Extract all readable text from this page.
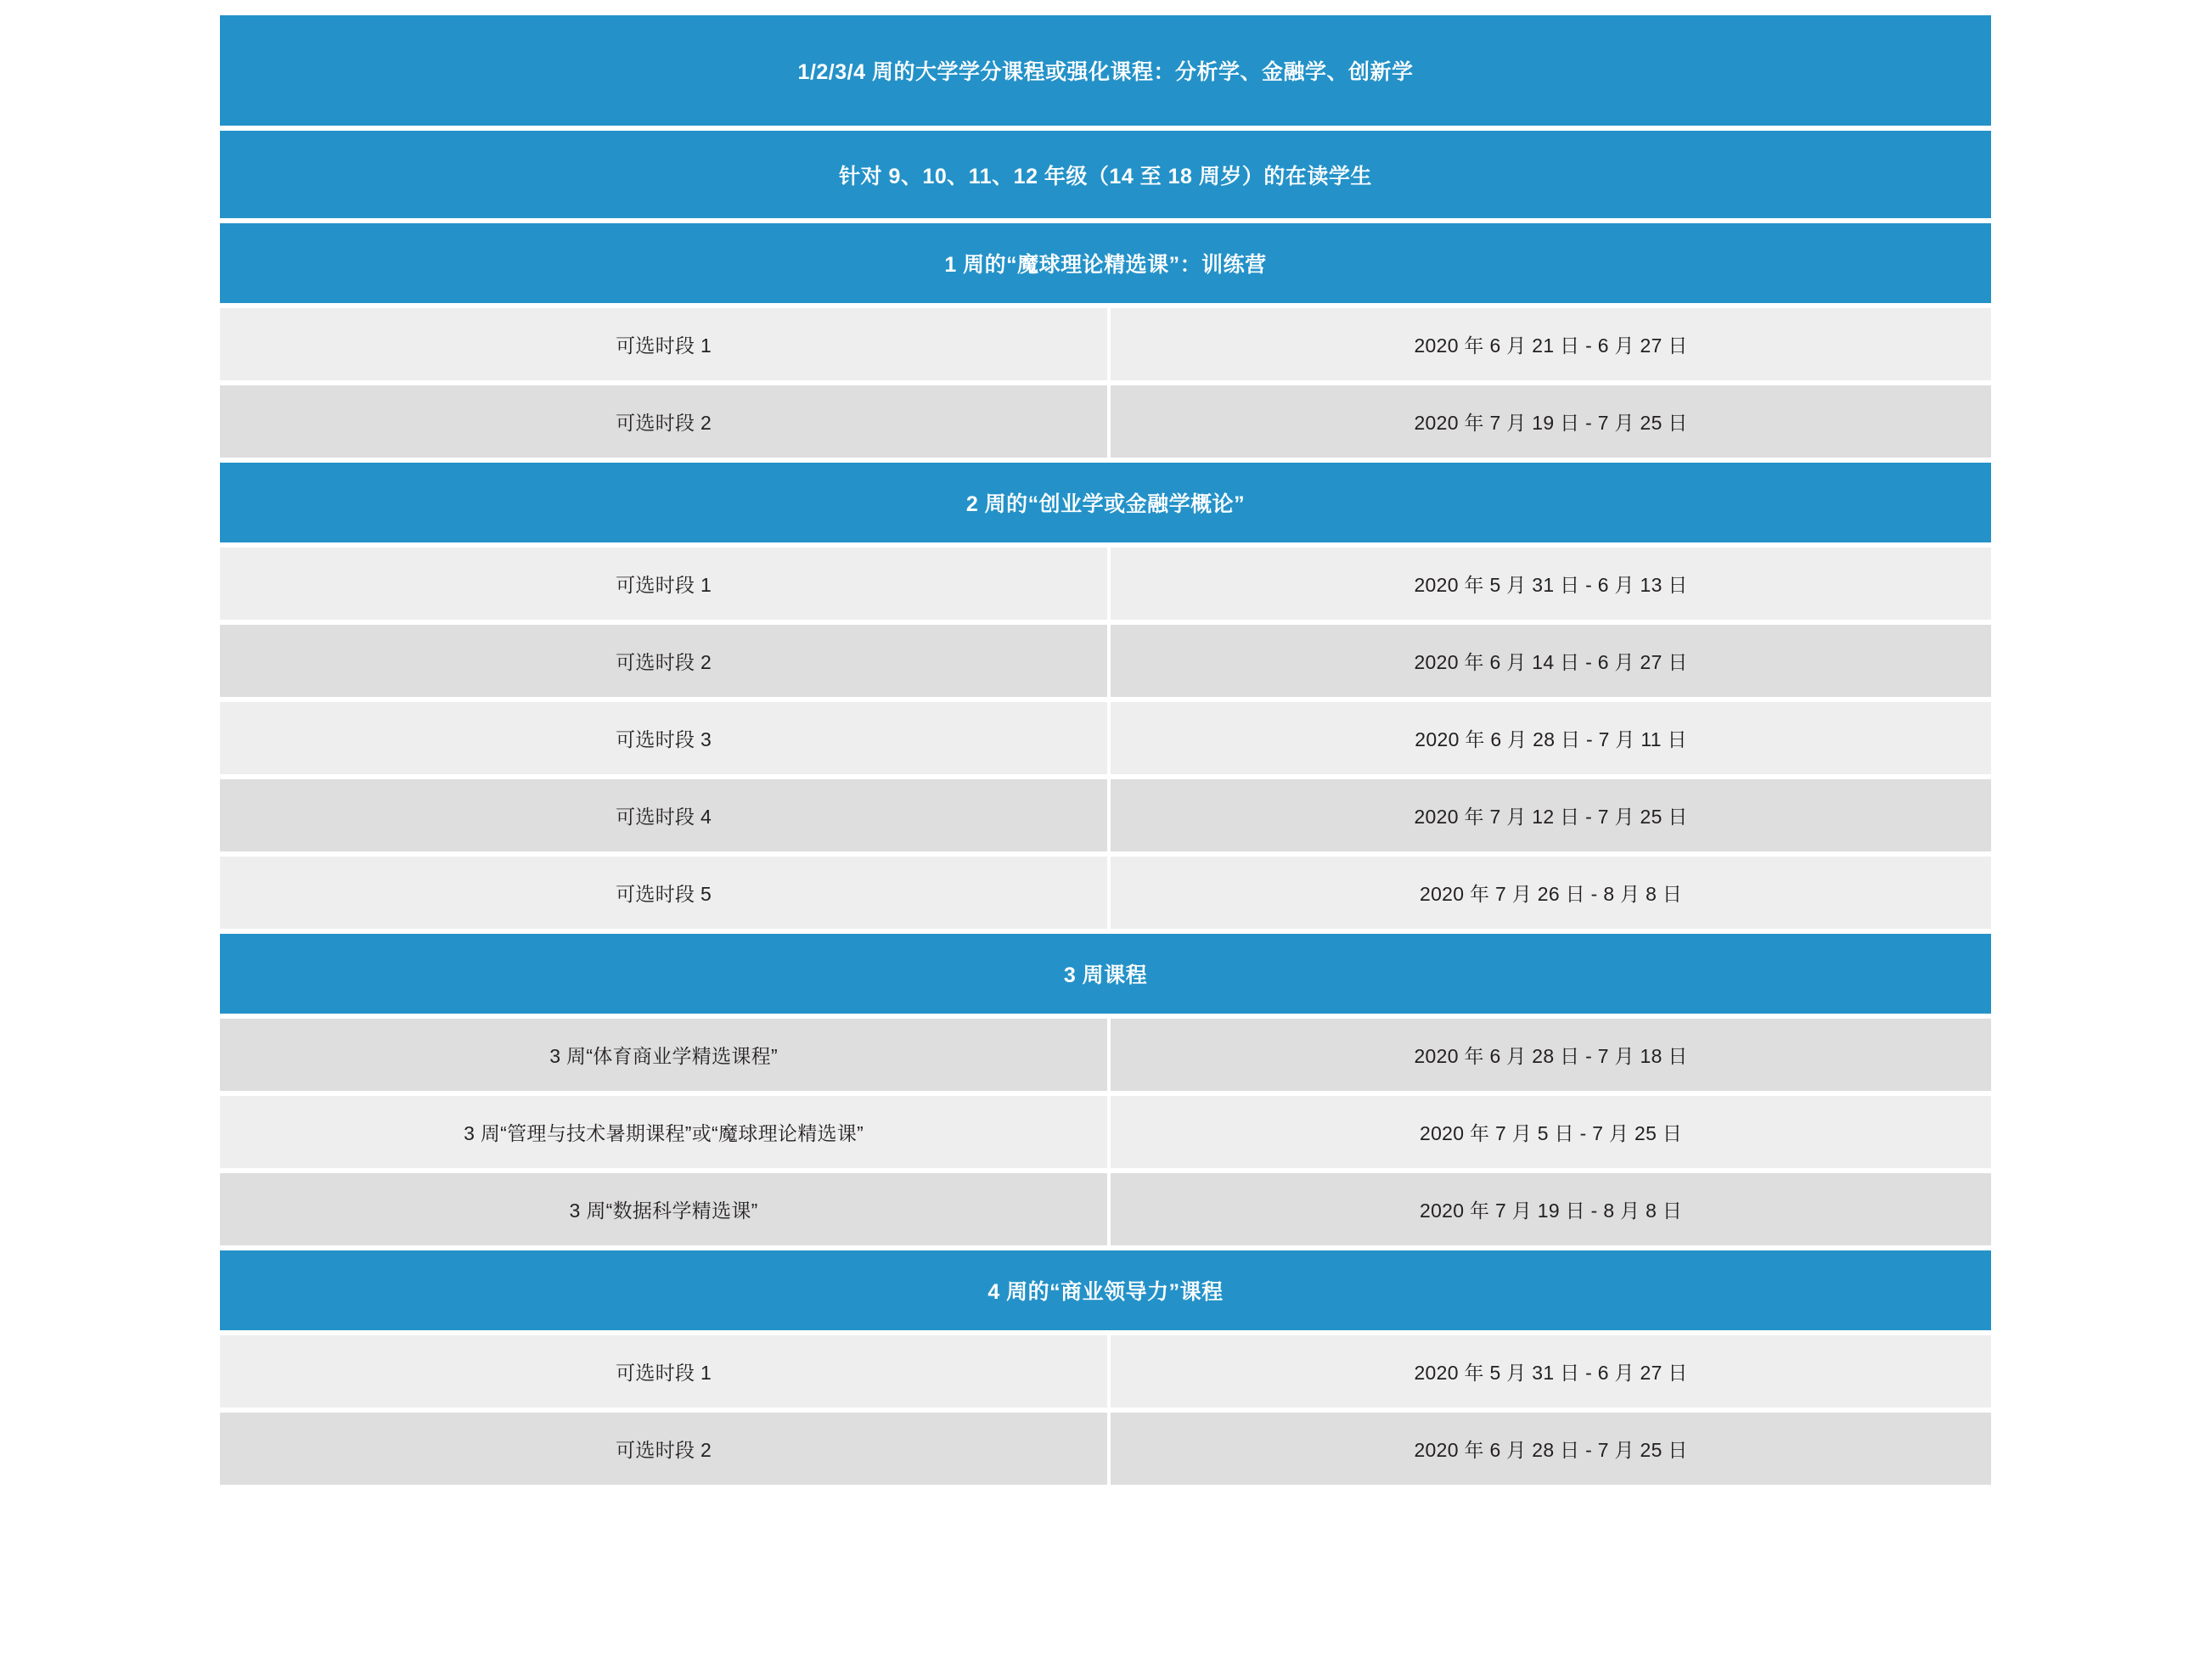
1/2/3/4 周的大学学分课程或强化课程：分析学、金融学、创新学
针对 9、10、11、12 年级（14 至 18 周岁）的在读学生
1 周的“魔球理论精选课”：训练营
可选时段 1	2020 年 6 月 21 日 - 6 月 27 日
可选时段 2	2020 年 7 月 19 日 - 7 月 25 日
2 周的“创业学或金融学概论”
可选时段 1	2020 年 5 月 31 日 - 6 月 13 日
可选时段 2	2020 年 6 月 14 日 - 6 月 27 日
可选时段 3	2020 年 6 月 28 日 - 7 月 11 日
可选时段 4	2020 年 7 月 12 日 - 7 月 25 日
可选时段 5	2020 年 7 月 26 日 - 8 月 8 日
3 周课程
3 周“体育商业学精选课程”	2020 年 6 月 28 日 - 7 月 18 日
3 周“管理与技术暑期课程”或“魔球理论精选课”	2020 年 7 月 5 日 - 7 月 25 日
3 周“数据科学精选课”	2020 年 7 月 19 日 - 8 月 8 日
4 周的“商业领导力”课程
可选时段 1	2020 年 5 月 31 日 - 6 月 27 日
可选时段 2	2020 年 6 月 28 日 - 7 月 25 日
